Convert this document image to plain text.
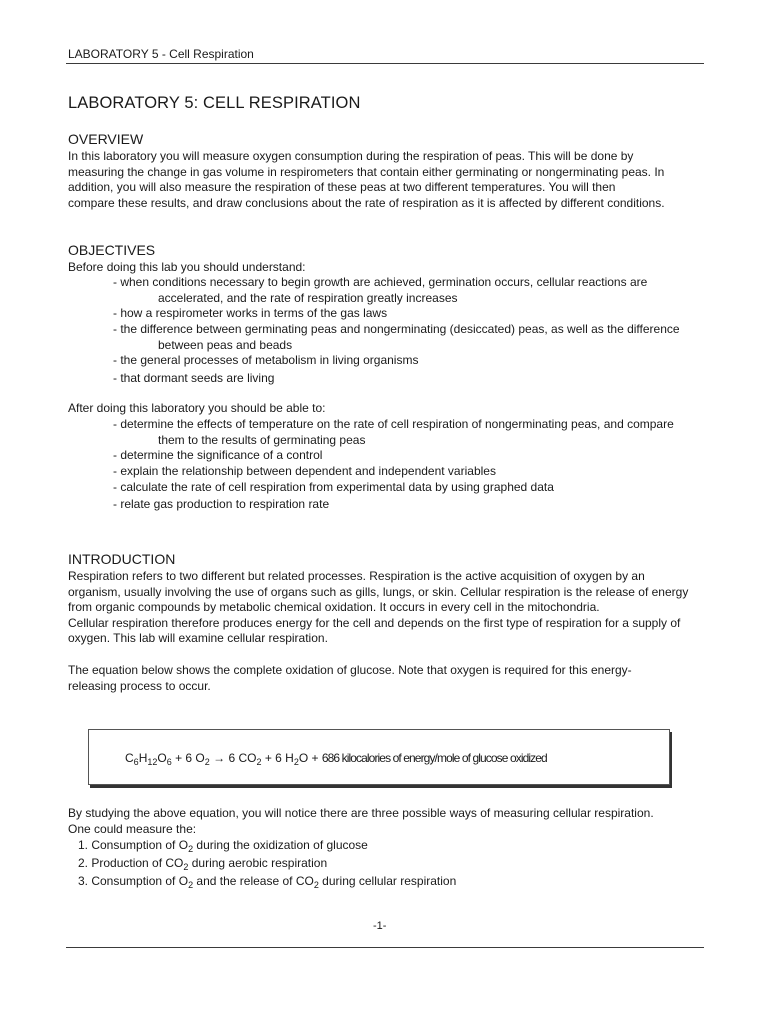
LABORATORY 5 - Cell Respiration
LABORATORY 5: CELL RESPIRATION
OVERVIEW
In this laboratory you will measure oxygen consumption during the respiration of peas. This will be done by
measuring the change in gas volume in respirometers that contain either germinating or nongerminating peas. In
addition, you will also measure the respiration of these peas at two different temperatures. You will then
compare these results, and draw conclusions about the rate of respiration as it is affected by different conditions.
OBJECTIVES
Before doing this lab you should understand:
- when conditions necessary to begin growth are achieved, germination occurs, cellular reactions are
accelerated, and the rate of respiration greatly increases
- how a respirometer works in terms of the gas laws
- the difference between germinating peas and nongerminating (desiccated) peas, as well as the difference
between peas and beads
- the general processes of metabolism in living organisms
- that dormant seeds are living
After doing this laboratory you should be able to:
- determine the effects of temperature on the rate of cell respiration of nongerminating peas, and compare
them to the results of germinating peas
- determine the significance of a control
- explain the relationship between dependent and independent variables
- calculate the rate of cell respiration from experimental data by using graphed data
- relate gas production to respiration rate
INTRODUCTION
Respiration refers to two different but related processes. Respiration is the active acquisition of oxygen by an
organism, usually involving the use of organs such as gills, lungs, or skin. Cellular respiration is the release of energy
from organic compounds by metabolic chemical oxidation. It occurs in every cell in the mitochondria.
Cellular respiration therefore produces energy for the cell and depends on the first type of respiration for a supply of
oxygen. This lab will examine cellular respiration.
The equation below shows the complete oxidation of glucose. Note that oxygen is required for this energy-
releasing process to occur.
$C_6H_{12}O_6 + 6$ $O_2 \to 6$ $CO_2 + 6$ $H_2O + 686$ kilocalories of energy/mole of glucose oxidized
By studying the above equation, you will notice there are three possible ways of measuring cellular respiration.
One could measure the:
1. Consumption of $O_2$ during the oxidization of glucose
2. Production of $CO_2$ during aerobic respiration
3. Consumption of $O_2$ and the release of $CO_2$ during cellular respiration
-1-
